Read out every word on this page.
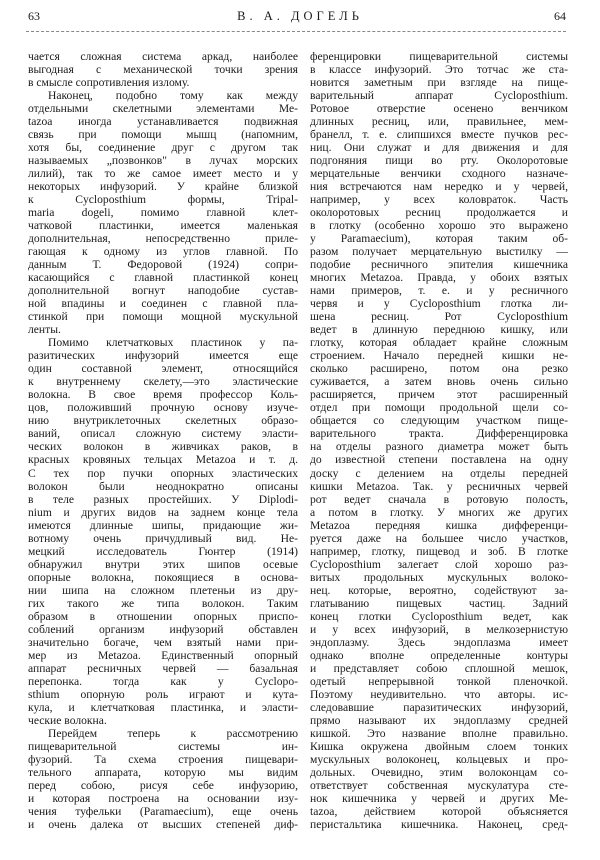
63	В. А. ДОГЕЛЬ	64
чается сложная система аркад, наиболее
выгодная с механической точки зрения
в смысле сопротивления излому.
Наконец, подобно тому как между
отдельными скелетными элементами Ме-
tazoa иногда устанавливается подвижная
связь при помощи мышц (напомним,
хотя бы, соединение друг с другом так
называемых „позвонков" в лучах морских
лилий), так то же самое имеет место и у
некоторых инфузорий. У крайне близкой
к Cycloposthium формы, Tripal-
maria dogeli, помимо главной клет-
чатковой пластинки, имеется маленькая
дополнительная, непосредственно приле-
гающая к одному из углов главной. По
данным Т. Федоровой (1924) сопри-
касающийся с главной пластинкой конец
дополнительной вогнут наподобие сустав-
ной впадины и соединен с главной пла-
стинкой при помощи мощной мускульной
ленты.
Помимо клетчатковых пластинок у па-
разитических инфузорий имеется еще
один составной элемент, относящийся
к внутреннему скелету,—это эластические
волокна. В свое время профессор Коль-
цов, положивший прочную основу изуче-
нию внутриклеточных скелетных образо-
ваний, описал сложную систему эласти-
ческих волокон в живчиках раков, в
красных кровяных тельцах Metazoa и т. д.
С тех пор пучки опорных эластических
волокон были неоднократно описаны
в теле разных простейших. У Diplodi-
nium и других видов на заднем конце тела
имеются длинные шипы, придающие жи-
вотному очень причудливый вид. Не-
мецкий исследователь Гюнтер (1914)
обнаружил внутри этих шипов осевые
опорные волокна, покоящиеся в основа-
нии шипа на сложном плетеньи из дру-
гих такого же типа волокон. Таким
образом в отношении опорных приспо-
соблений организм инфузорий обставлен
значительно богаче, чем взятый нами при-
мер из Metazoa. Единственный опорный
аппарат ресничных червей — базальная
перепонка. тогда как у Cyclopo-
sthium опорную роль играют и кута-
кула, и клетчатковая пластинка, и эласти-
ческие волокна.
Перейдем теперь к рассмотрению
пищеварительной системы ин-
фузорий. Та схема строения пищевари-
тельного аппарата, которую мы видим
перед собою, рисуя себе инфузорию,
и которая построена на основании изу-
чения туфельки (Paramaecium), еще очень
и очень далека от высших степеней диф-
ференцировки пищеварительной системы
в классе инфузорий. Это тотчас же ста-
новится заметным при взгляде на пище-
варительный аппарат Cycloposthium.
Ротовое отверстие осенено венчиком
длинных ресниц, или, правильнее, мем-
бранелл, т. е. слипшихся вместе пучков рес-
ниц. Они служат и для движения и для
подгоняния пищи во рту. Околоротовые
мерцательные венчики сходного назначе-
ния встречаются нам нередко и у червей,
например, у всех коловраток. Часть
околоротовых ресниц продолжается и
в глотку (особенно хорошо это выражено
у Paramaecium), которая таким об-
разом получает мерцательную выстилку —
подобие ресничного эпителия кишечника
многих Metazoa. Правда, у обоих взятых
нами примеров, т. е. и у ресничного
червя и у Cycloposthium глотка ли-
шена ресниц. Рот Cycloposthium
ведет в длинную переднюю кишку, или
глотку, которая обладает крайне сложным
строением. Начало передней кишки не-
сколько расширено, потом она резко
суживается, а затем вновь очень сильно
расширяется, причем этот расширенный
отдел при помощи продольной щели со-
общается со следующим участком пище-
варительного тракта. Дифференцировка
на отделы разного диаметра может быть
до известной степени поставлена на одну
доску с делением на отделы передней
кишки Metazoa. Так. у ресничных червей
рот ведет сначала в ротовую полость,
а потом в глотку. У многих же других
Metazoa передняя кишка дифференци-
руется даже на большее число участков,
например, глотку, пищевод и зоб. В глотке
Cycloposthium залегает слой хорошо раз-
витых продольных мускульных волоко-
нец. которые, вероятно, содействуют за-
глатыванию пищевых частиц. Задний
конец глотки Cycloposthium ведет, как
и у всех инфузорий, в мелкозернистую
эндоплазму. Здесь эндоплазма имеет
однако вполне определенные контуры
и представляет собою сплошной мешок,
одетый непрерывной тонкой пленочкой.
Поэтому неудивительно. что авторы. ис-
следовавшие паразитических инфузорий,
прямо называют их эндоплазму средней
кишкой. Это название вполне правильно.
Кишка окружена двойным слоем тонких
мускульных волоконец, кольцевых и про-
дольных. Очевидно, этим волоконцам со-
ответствует собственная мускулатура сте-
нок кишечника у червей и других Ме-
tazoa, действием которой объясняется
перистальтика кишечника. Наконец, сред-
